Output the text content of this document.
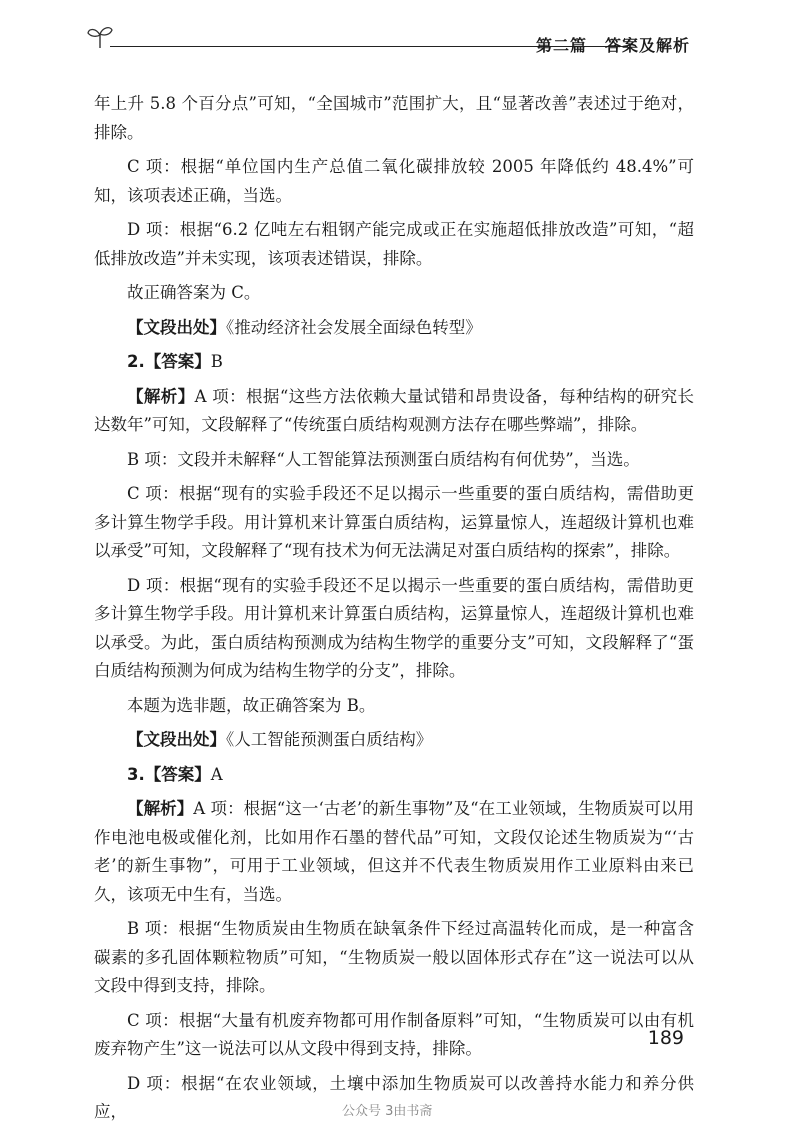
第二篇 答案及解析

年上升 5.8 个百分点”可知，“全国城市”范围扩大，且“显著改善”表述过于绝对，排除。

C 项：根据“单位国内生产总值二氧化碳排放较 2005 年降低约 48.4%”可知，该项表述正确，当选。

D 项：根据“6.2 亿吨左右粗钢产能完成或正在实施超低排放改造”可知，“超低排放改造”并未实现，该项表述错误，排除。

故正确答案为 C。

【文段出处】《推动经济社会发展全面绿色转型》

2.【答案】B

【解析】A 项：根据“这些方法依赖大量试错和昂贵设备，每种结构的研究长达数年”可知，文段解释了“传统蛋白质结构观测方法存在哪些弊端”，排除。

B 项：文段并未解释“人工智能算法预测蛋白质结构有何优势”，当选。

C 项：根据“现有的实验手段还不足以揭示一些重要的蛋白质结构，需借助更多计算生物学手段。用计算机来计算蛋白质结构，运算量惊人，连超级计算机也难以承受”可知，文段解释了“现有技术为何无法满足对蛋白质结构的探索”，排除。

D 项：根据“现有的实验手段还不足以揭示一些重要的蛋白质结构，需借助更多计算生物学手段。用计算机来计算蛋白质结构，运算量惊人，连超级计算机也难以承受。为此，蛋白质结构预测成为结构生物学的重要分支”可知，文段解释了“蛋白质结构预测为何成为结构生物学的分支”，排除。

本题为选非题，故正确答案为 B。

【文段出处】《人工智能预测蛋白质结构》

3.【答案】A

【解析】A 项：根据“这一‘古老’的新生事物”及“在工业领域，生物质炭可以用作电池电极或催化剂，比如用作石墨的替代品”可知，文段仅论述生物质炭为“‘古老’的新生事物”，可用于工业领域，但这并不代表生物质炭用作工业原料由来已久，该项无中生有，当选。

B 项：根据“生物质炭由生物质在缺氧条件下经过高温转化而成，是一种富含碳素的多孔固体颗粒物质”可知，“生物质炭一般以固体形式存在”这一说法可以从文段中得到支持，排除。

C 项：根据“大量有机废弃物都可用作制备原料”可知，“生物质炭可以由有机废弃物产生”这一说法可以从文段中得到支持，排除。

D 项：根据“在农业领域，土壤中添加生物质炭可以改善持水能力和养分供应，

189
公众号 3由书斋
